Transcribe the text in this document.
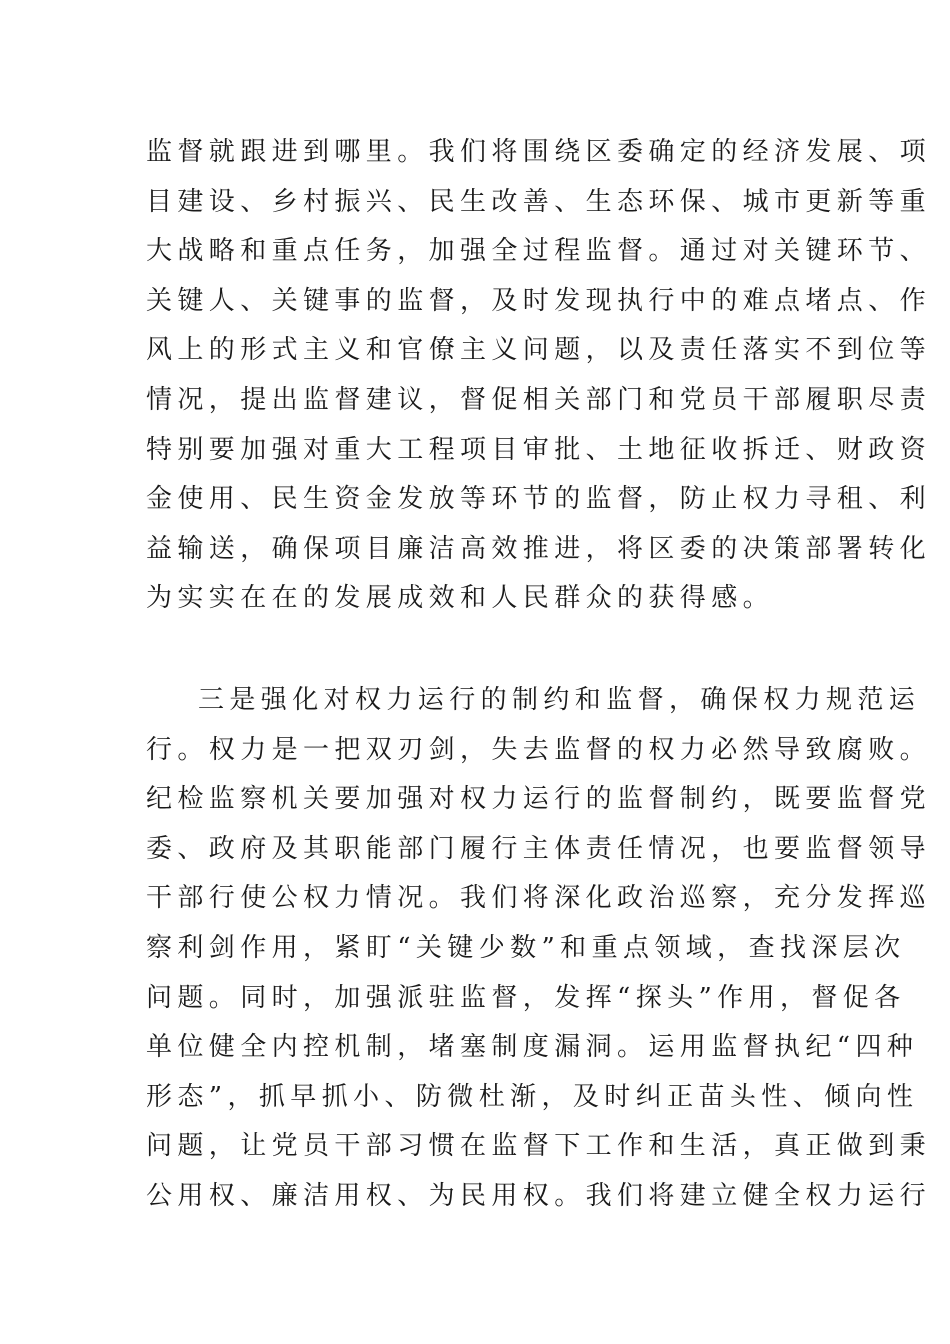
监督就跟进到哪里。我们将围绕区委确定的经济发展、项
目建设、乡村振兴、民生改善、生态环保、城市更新等重
大战略和重点任务，加强全过程监督。通过对关键环节、
关键人、关键事的监督，及时发现执行中的难点堵点、作
风上的形式主义和官僚主义问题，以及责任落实不到位等
情况，提出监督建议，督促相关部门和党员干部履职尽责
特别要加强对重大工程项目审批、土地征收拆迁、财政资
金使用、民生资金发放等环节的监督，防止权力寻租、利
益输送，确保项目廉洁高效推进，将区委的决策部署转化
为实实在在的发展成效和人民群众的获得感。
三是强化对权力运行的制约和监督，确保权力规范运
行。权力是一把双刃剑，失去监督的权力必然导致腐败。
纪检监察机关要加强对权力运行的监督制约，既要监督党
委、政府及其职能部门履行主体责任情况，也要监督领导
干部行使公权力情况。我们将深化政治巡察，充分发挥巡
察利剑作用，紧盯“关键少数”和重点领域，查找深层次
问题。同时，加强派驻监督，发挥“探头”作用，督促各
单位健全内控机制，堵塞制度漏洞。运用监督执纪“四种
形态”，抓早抓小、防微杜渐，及时纠正苗头性、倾向性
问题，让党员干部习惯在监督下工作和生活，真正做到秉
公用权、廉洁用权、为民用权。我们将建立健全权力运行
